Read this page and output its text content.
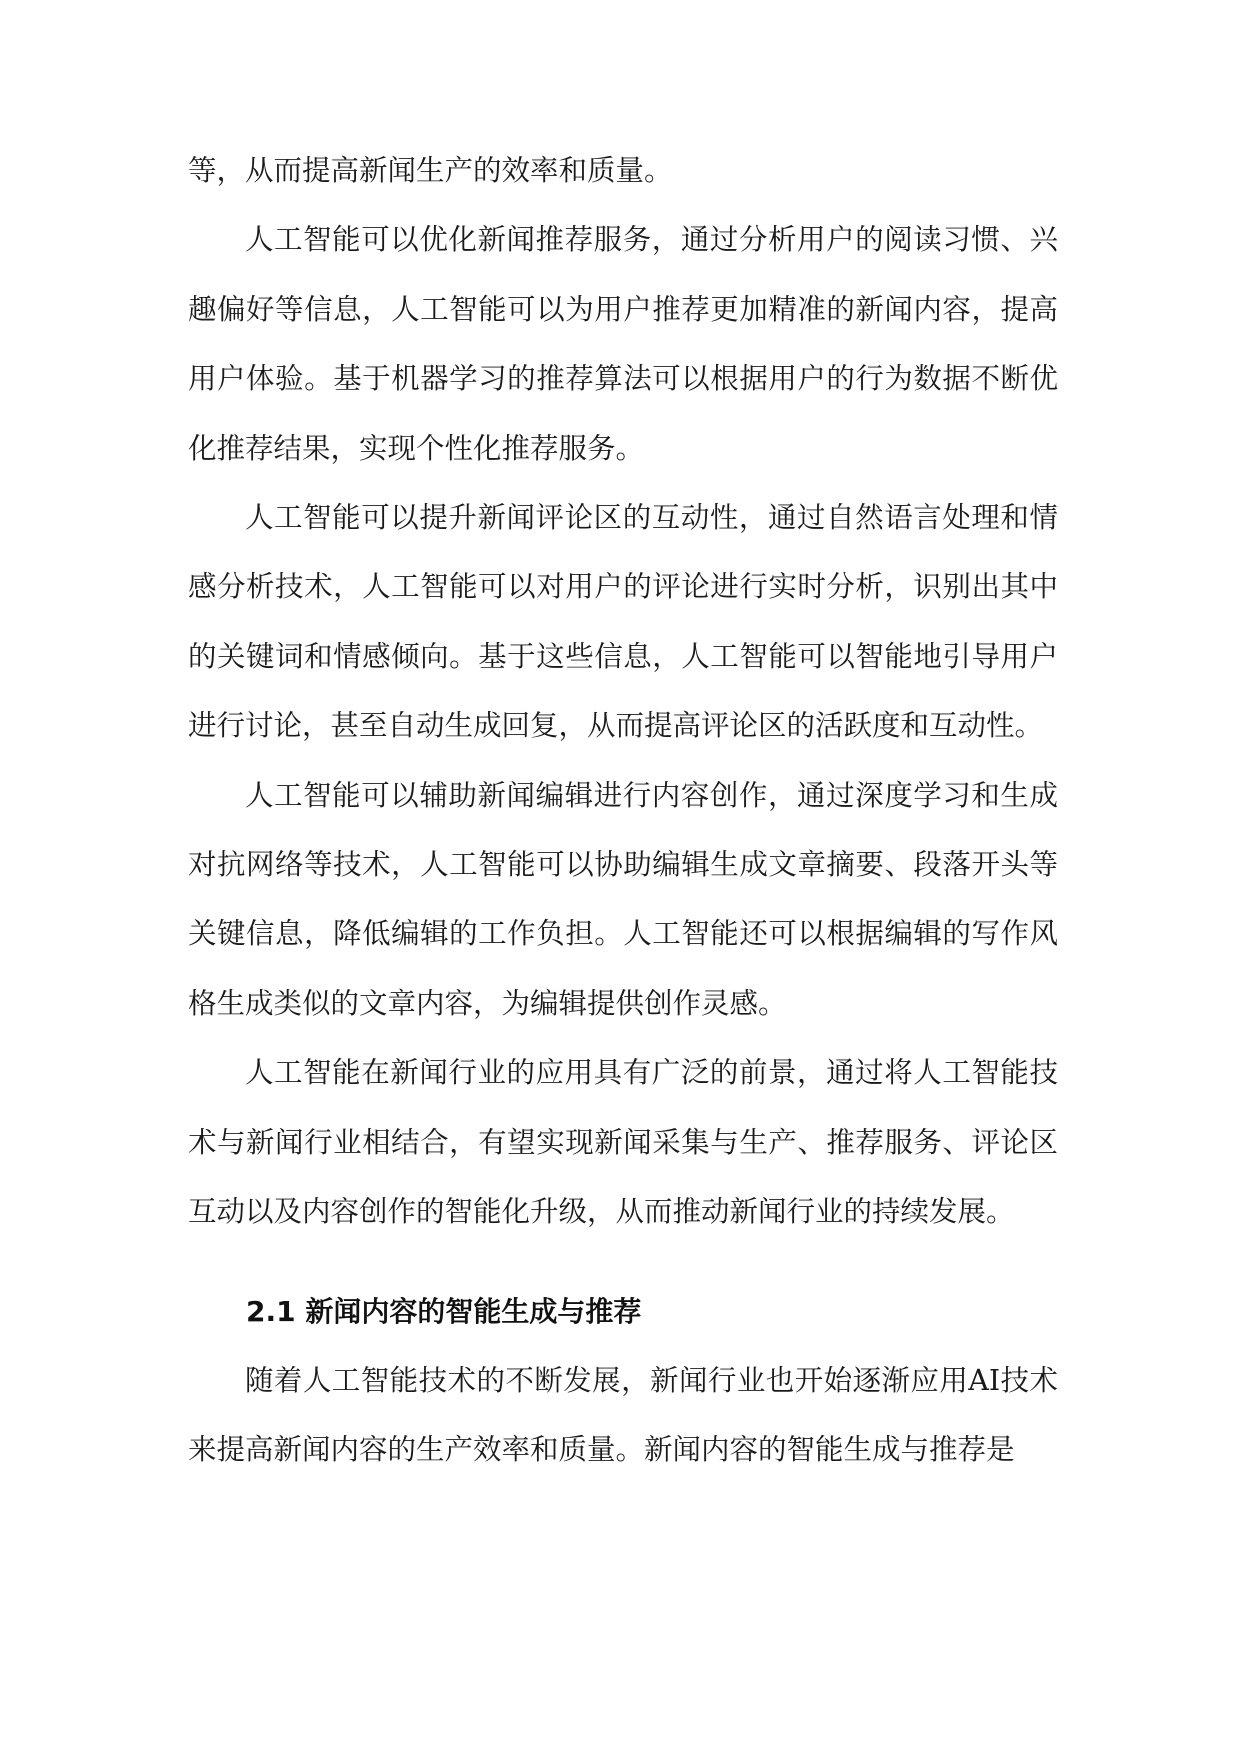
等，从而提高新闻生产的效率和质量。

人工智能可以优化新闻推荐服务，通过分析用户的阅读习惯、兴趣偏好等信息，人工智能可以为用户推荐更加精准的新闻内容，提高用户体验。基于机器学习的推荐算法可以根据用户的行为数据不断优化推荐结果，实现个性化推荐服务。

人工智能可以提升新闻评论区的互动性，通过自然语言处理和情感分析技术，人工智能可以对用户的评论进行实时分析，识别出其中的关键词和情感倾向。基于这些信息，人工智能可以智能地引导用户进行讨论，甚至自动生成回复，从而提高评论区的活跃度和互动性。

人工智能可以辅助新闻编辑进行内容创作，通过深度学习和生成对抗网络等技术，人工智能可以协助编辑生成文章摘要、段落开头等关键信息，降低编辑的工作负担。人工智能还可以根据编辑的写作风格生成类似的文章内容，为编辑提供创作灵感。

人工智能在新闻行业的应用具有广泛的前景，通过将人工智能技术与新闻行业相结合，有望实现新闻采集与生产、推荐服务、评论区互动以及内容创作的智能化升级，从而推动新闻行业的持续发展。

2.1 新闻内容的智能生成与推荐

随着人工智能技术的不断发展，新闻行业也开始逐渐应用AI技术来提高新闻内容的生产效率和质量。新闻内容的智能生成与推荐是
